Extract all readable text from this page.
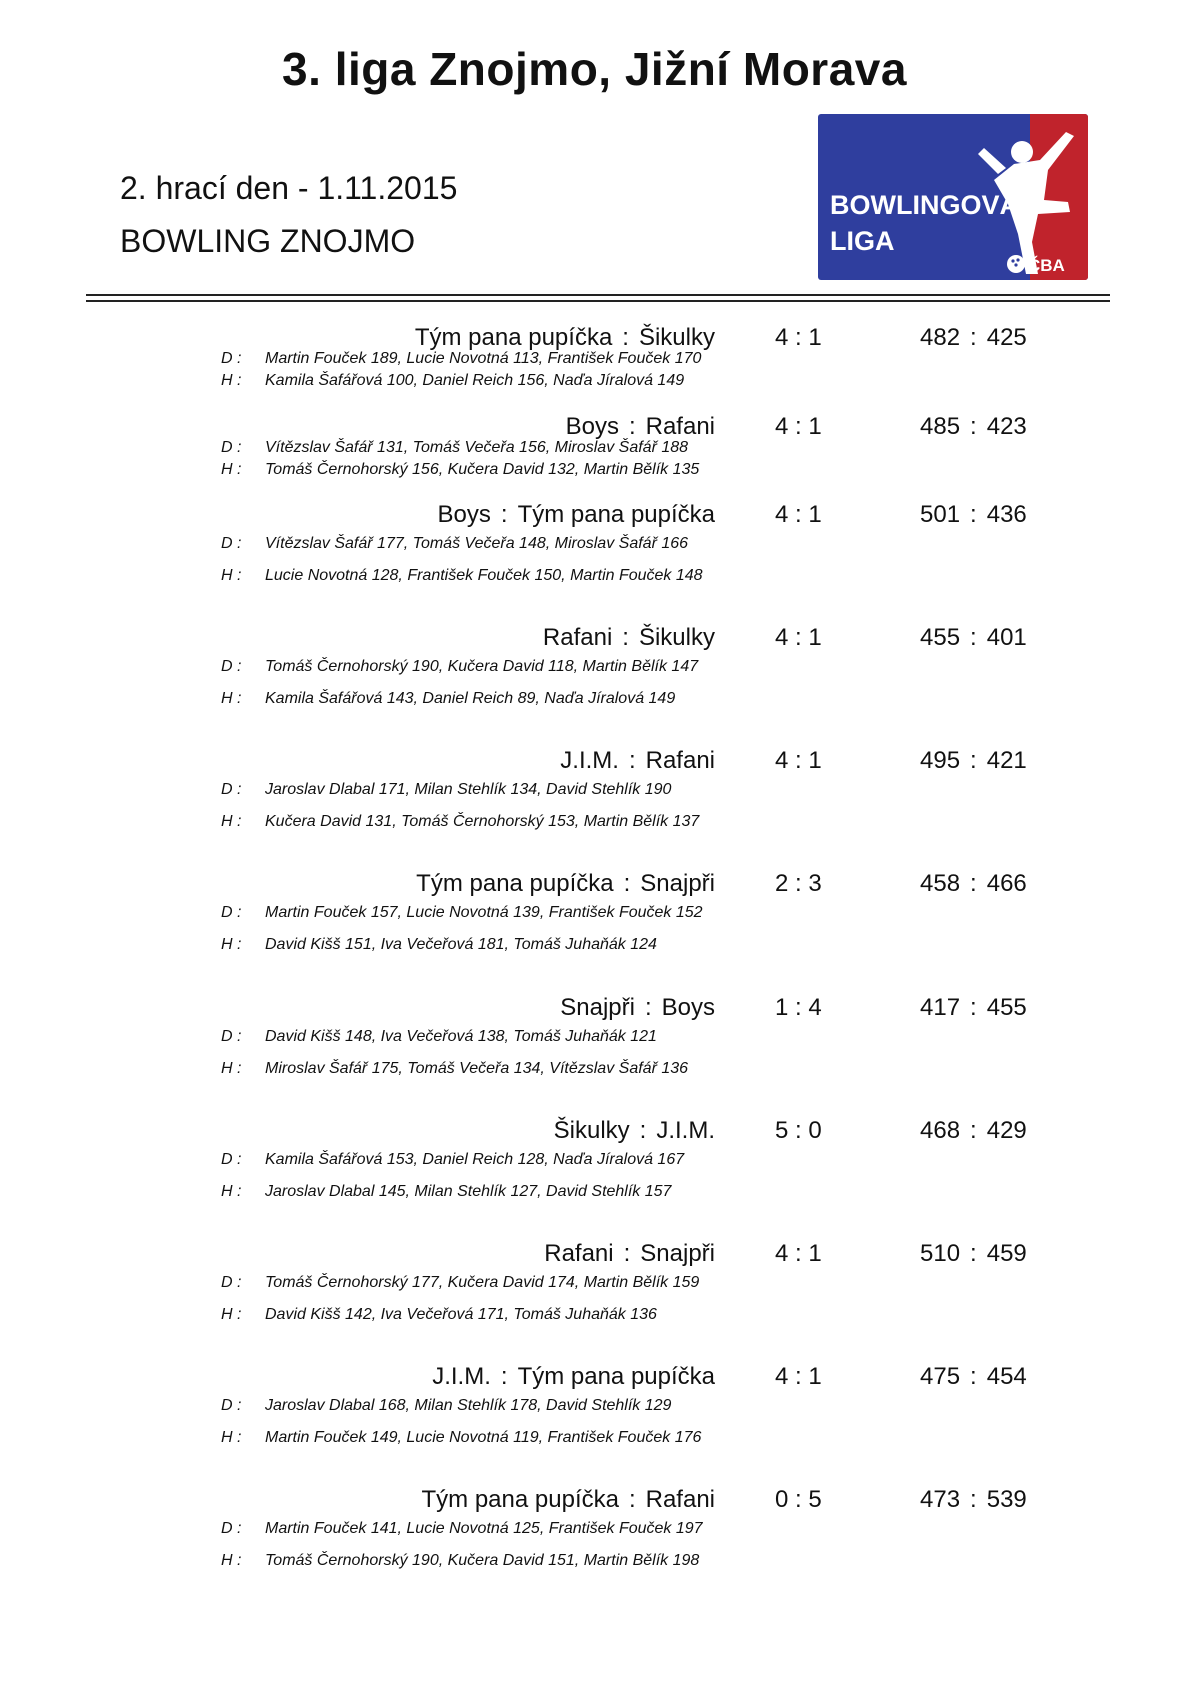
3. liga Znojmo, Jižní Morava
2. hrací den - 1.11.2015
BOWLING ZNOJMO
BOWLINGOVÁ
LIGA
ČBA
Tým pana pupíčka : Šikulky	4 : 1	482 : 425
D : Martin Fouček 189, Lucie Novotná 113, František Fouček 170
H : Kamila Šafářová 100, Daniel Reich 156, Naďa Jíralová 149
Boys : Rafani	4 : 1	485 : 423
D : Vítězslav Šafář 131, Tomáš Večeřa 156, Miroslav Šafář 188
H : Tomáš Černohorský 156, Kučera David 132, Martin Bělík 135
Boys : Tým pana pupíčka	4 : 1	501 : 436
D : Vítězslav Šafář 177, Tomáš Večeřa 148, Miroslav Šafář 166
H : Lucie Novotná 128, František Fouček 150, Martin Fouček 148
Rafani : Šikulky	4 : 1	455 : 401
D : Tomáš Černohorský 190, Kučera David 118, Martin Bělík 147
H : Kamila Šafářová 143, Daniel Reich 89, Naďa Jíralová 149
J.I.M. : Rafani	4 : 1	495 : 421
D : Jaroslav Dlabal 171, Milan Stehlík 134, David Stehlík 190
H : Kučera David 131, Tomáš Černohorský 153, Martin Bělík 137
Tým pana pupíčka : Snajpři	2 : 3	458 : 466
D : Martin Fouček 157, Lucie Novotná 139, František Fouček 152
H : David Kišš 151, Iva Večeřová 181, Tomáš Juhaňák 124
Snajpři : Boys	1 : 4	417 : 455
D : David Kišš 148, Iva Večeřová 138, Tomáš Juhaňák 121
H : Miroslav Šafář 175, Tomáš Večeřa 134, Vítězslav Šafář 136
Šikulky : J.I.M.	5 : 0	468 : 429
D : Kamila Šafářová 153, Daniel Reich 128, Naďa Jíralová 167
H : Jaroslav Dlabal 145, Milan Stehlík 127, David Stehlík 157
Rafani : Snajpři	4 : 1	510 : 459
D : Tomáš Černohorský 177, Kučera David 174, Martin Bělík 159
H : David Kišš 142, Iva Večeřová 171, Tomáš Juhaňák 136
J.I.M. : Tým pana pupíčka	4 : 1	475 : 454
D : Jaroslav Dlabal 168, Milan Stehlík 178, David Stehlík 129
H : Martin Fouček 149, Lucie Novotná 119, František Fouček 176
Tým pana pupíčka : Rafani	0 : 5	473 : 539
D : Martin Fouček 141, Lucie Novotná 125, František Fouček 197
H : Tomáš Černohorský 190, Kučera David 151, Martin Bělík 198
